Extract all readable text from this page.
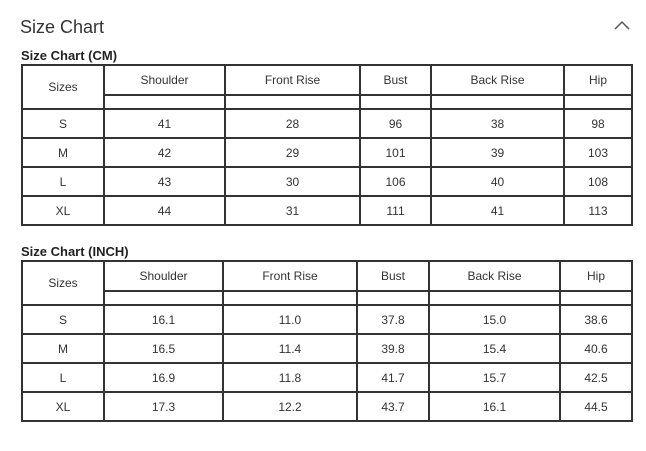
Size Chart
Size Chart (CM)
Sizes	Shoulder	Front Rise	Bust	Back Rise	Hip

S	41	28	96	38	98
M	42	29	101	39	103
L	43	30	106	40	108
XL	44	31	111	41	113
Size Chart (INCH)
Sizes	Shoulder	Front Rise	Bust	Back Rise	Hip

S	16.1	11.0	37.8	15.0	38.6
M	16.5	11.4	39.8	15.4	40.6
L	16.9	11.8	41.7	15.7	42.5
XL	17.3	12.2	43.7	16.1	44.5
